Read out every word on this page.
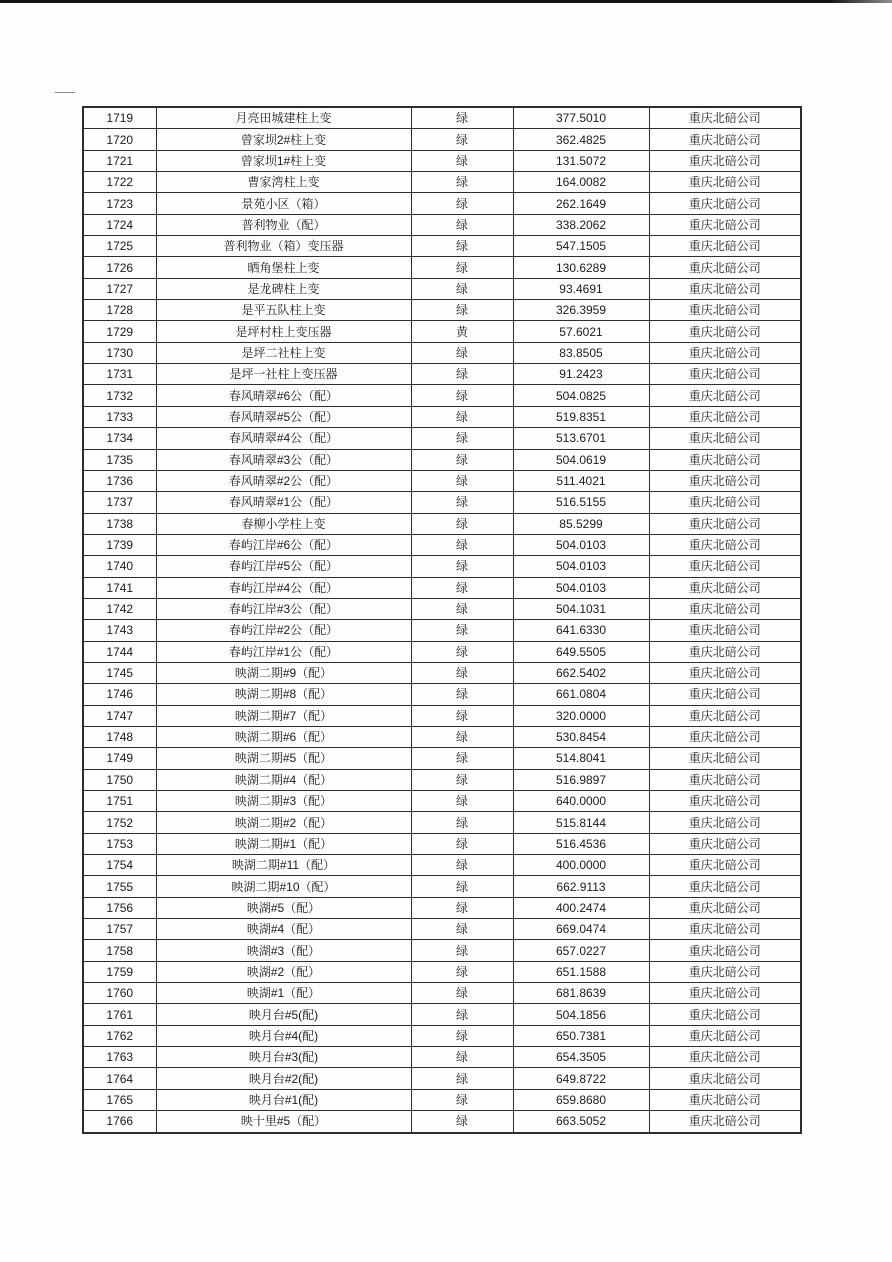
1719	月亮田城建柱上变	绿	377.5010	重庆北碚公司
1720	曾家坝2#柱上变	绿	362.4825	重庆北碚公司
1721	曾家坝1#柱上变	绿	131.5072	重庆北碚公司
1722	曹家湾柱上变	绿	164.0082	重庆北碚公司
1723	景苑小区（箱）	绿	262.1649	重庆北碚公司
1724	普利物业（配）	绿	338.2062	重庆北碚公司
1725	普利物业（箱）变压器	绿	547.1505	重庆北碚公司
1726	晒角堡柱上变	绿	130.6289	重庆北碚公司
1727	是龙碑柱上变	绿	93.4691	重庆北碚公司
1728	是平五队柱上变	绿	326.3959	重庆北碚公司
1729	是坪村柱上变压器	黄	57.6021	重庆北碚公司
1730	是坪二社柱上变	绿	83.8505	重庆北碚公司
1731	是坪一社柱上变压器	绿	91.2423	重庆北碚公司
1732	春风晴翠#6公（配）	绿	504.0825	重庆北碚公司
1733	春风晴翠#5公（配）	绿	519.8351	重庆北碚公司
1734	春风晴翠#4公（配）	绿	513.6701	重庆北碚公司
1735	春风晴翠#3公（配）	绿	504.0619	重庆北碚公司
1736	春风晴翠#2公（配）	绿	511.4021	重庆北碚公司
1737	春风晴翠#1公（配）	绿	516.5155	重庆北碚公司
1738	春柳小学柱上变	绿	85.5299	重庆北碚公司
1739	春屿江岸#6公（配）	绿	504.0103	重庆北碚公司
1740	春屿江岸#5公（配）	绿	504.0103	重庆北碚公司
1741	春屿江岸#4公（配）	绿	504.0103	重庆北碚公司
1742	春屿江岸#3公（配）	绿	504.1031	重庆北碚公司
1743	春屿江岸#2公（配）	绿	641.6330	重庆北碚公司
1744	春屿江岸#1公（配）	绿	649.5505	重庆北碚公司
1745	映湖二期#9（配）	绿	662.5402	重庆北碚公司
1746	映湖二期#8（配）	绿	661.0804	重庆北碚公司
1747	映湖二期#7（配）	绿	320.0000	重庆北碚公司
1748	映湖二期#6（配）	绿	530.8454	重庆北碚公司
1749	映湖二期#5（配）	绿	514.8041	重庆北碚公司
1750	映湖二期#4（配）	绿	516.9897	重庆北碚公司
1751	映湖二期#3（配）	绿	640.0000	重庆北碚公司
1752	映湖二期#2（配）	绿	515.8144	重庆北碚公司
1753	映湖二期#1（配）	绿	516.4536	重庆北碚公司
1754	映湖二期#11（配）	绿	400.0000	重庆北碚公司
1755	映湖二期#10（配）	绿	662.9113	重庆北碚公司
1756	映湖#5（配）	绿	400.2474	重庆北碚公司
1757	映湖#4（配）	绿	669.0474	重庆北碚公司
1758	映湖#3（配）	绿	657.0227	重庆北碚公司
1759	映湖#2（配）	绿	651.1588	重庆北碚公司
1760	映湖#1（配）	绿	681.8639	重庆北碚公司
1761	映月台#5(配)	绿	504.1856	重庆北碚公司
1762	映月台#4(配)	绿	650.7381	重庆北碚公司
1763	映月台#3(配)	绿	654.3505	重庆北碚公司
1764	映月台#2(配)	绿	649.8722	重庆北碚公司
1765	映月台#1(配)	绿	659.8680	重庆北碚公司
1766	映十里#5（配）	绿	663.5052	重庆北碚公司
